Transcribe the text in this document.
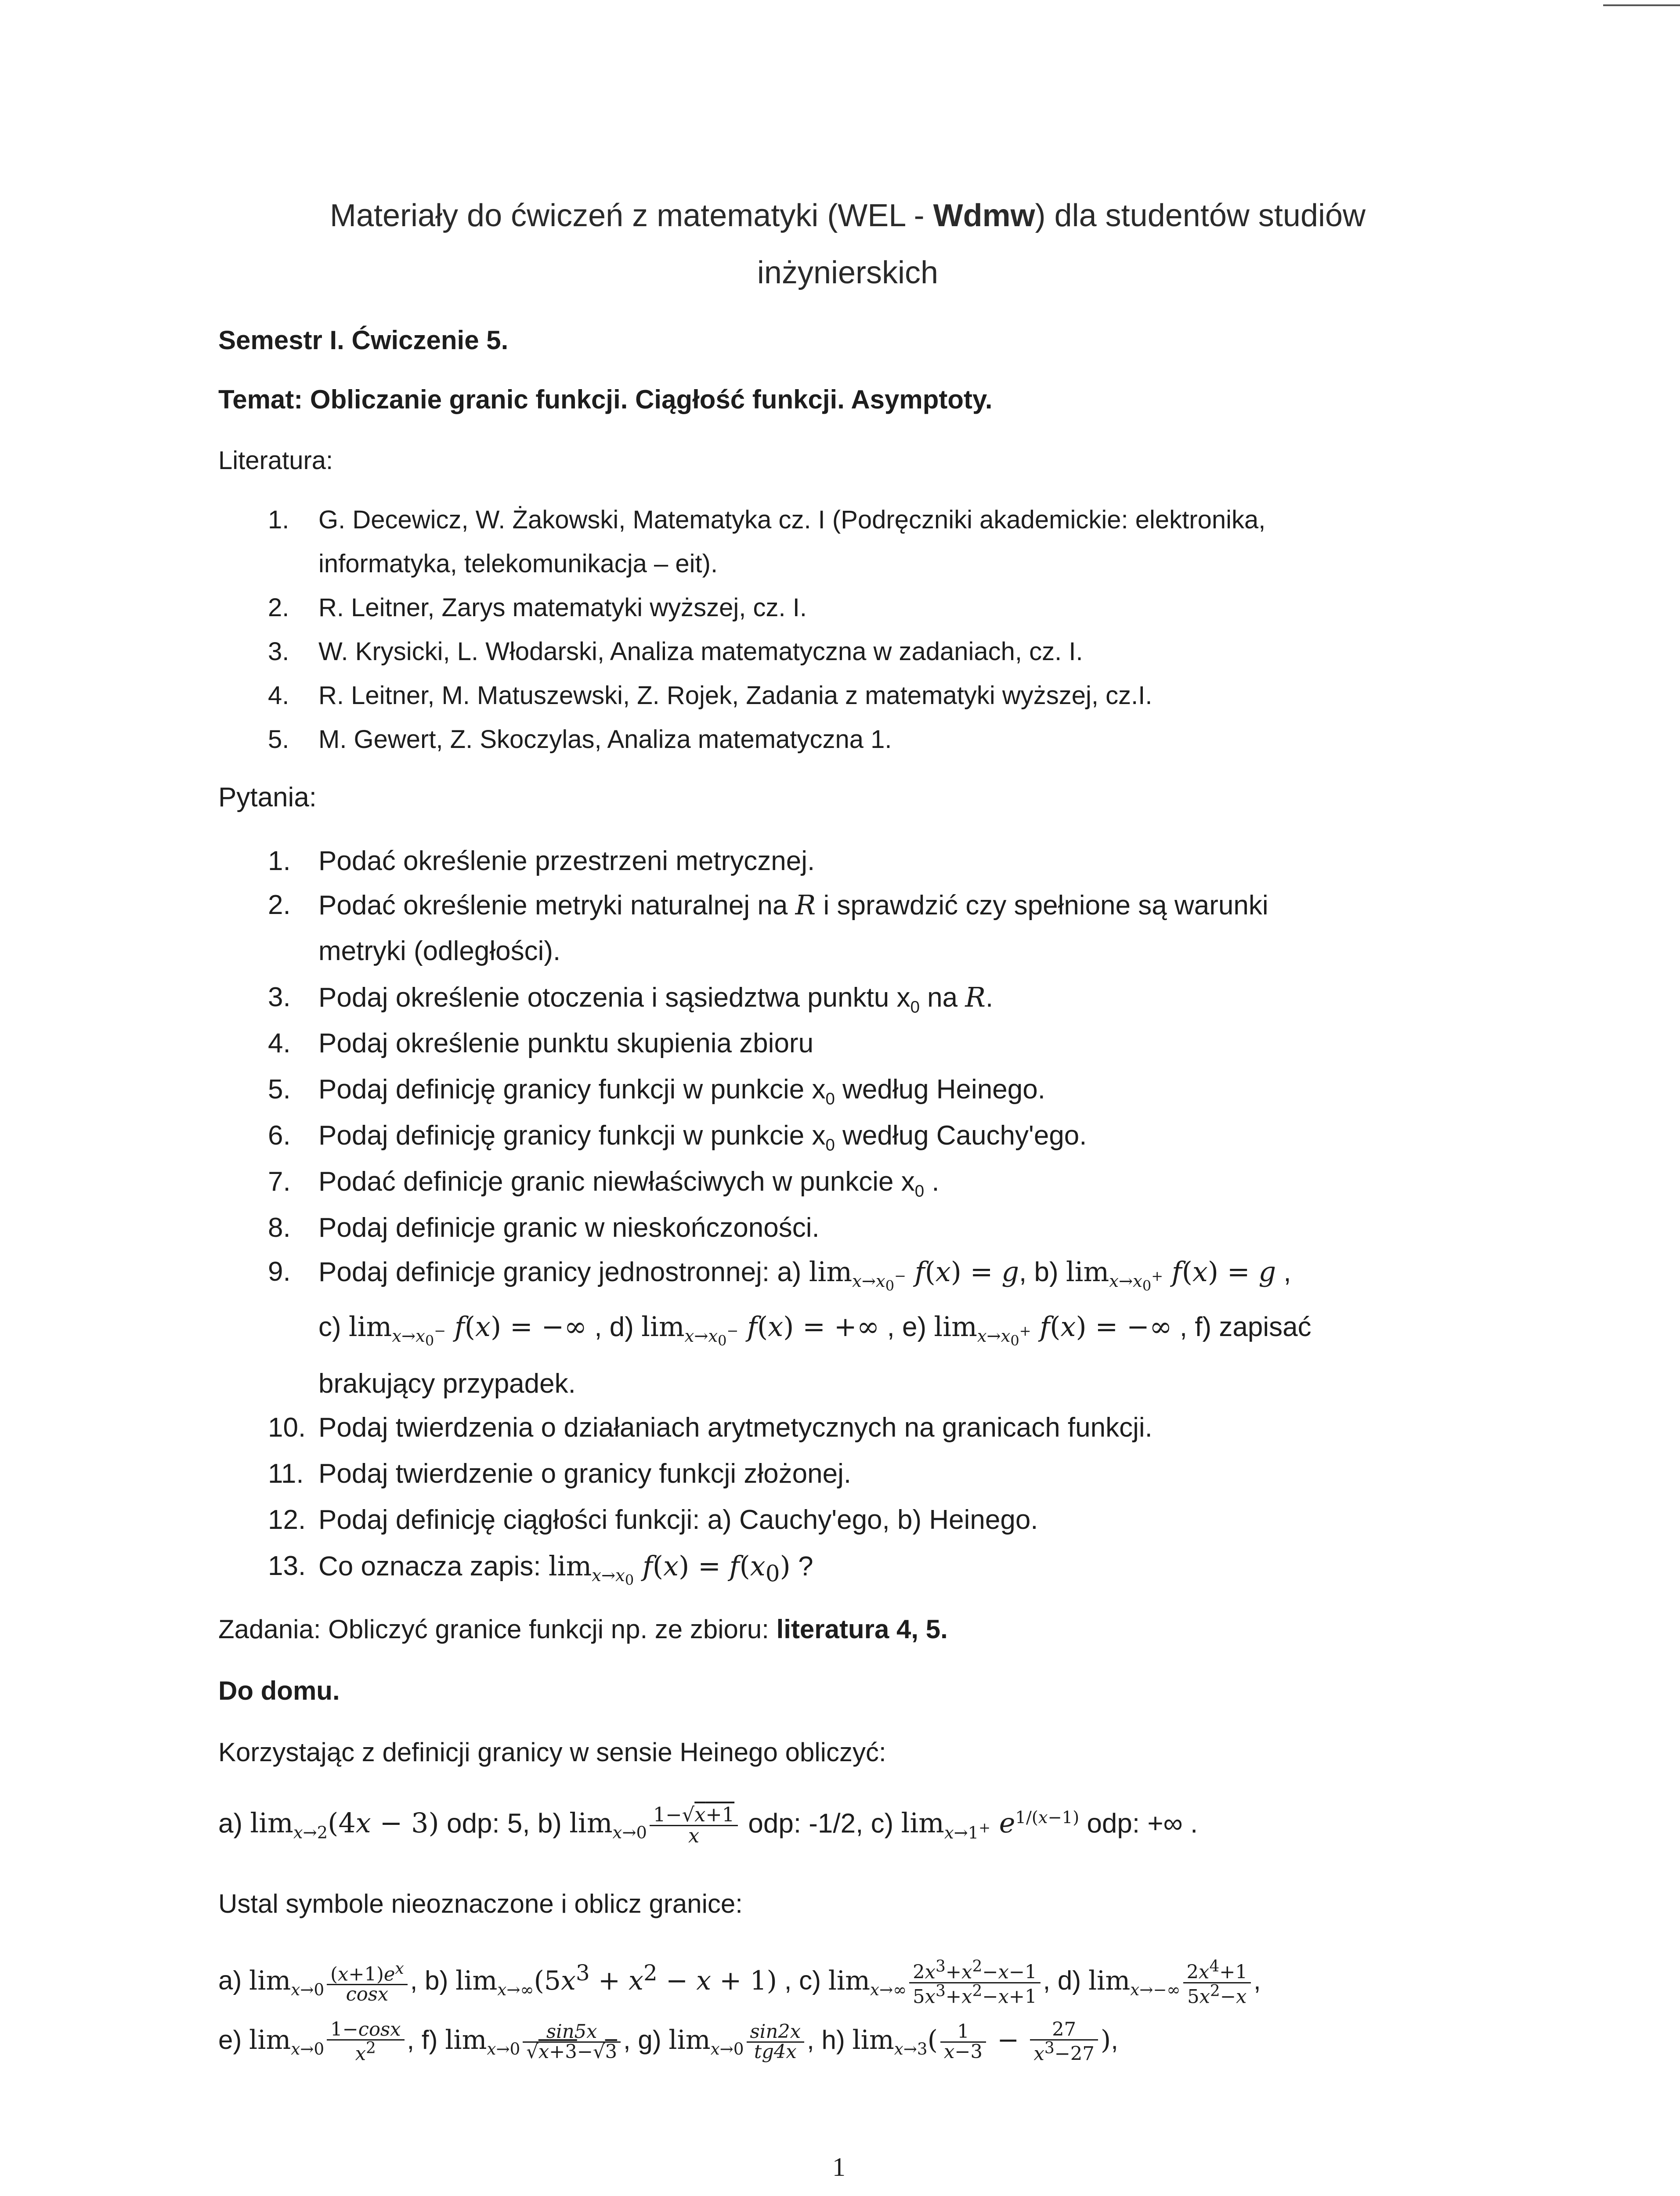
Materiały do ćwiczeń z matematyki (WEL - Wdmw) dla studentów studiów
inżynierskich
Semestr I. Ćwiczenie 5.
Temat: Obliczanie granic funkcji. Ciągłość funkcji. Asymptoty.
Literatura:
1.	G. Decewicz, W. Żakowski, Matematyka cz. I (Podręczniki akademickie: elektronika,
informatyka, telekomunikacja – eit).
2.	R. Leitner, Zarys matematyki wyższej, cz. I.
3.	W. Krysicki, L. Włodarski, Analiza matematyczna w zadaniach, cz. I.
4.	R. Leitner, M. Matuszewski, Z. Rojek, Zadania z matematyki wyższej, cz.I.
5.	M. Gewert, Z. Skoczylas, Analiza matematyczna 1.
Pytania:
1.	Podać określenie przestrzeni metrycznej.
2.	Podać określenie metryki naturalnej na R i sprawdzić czy spełnione są warunki
metryki (odległości).
3.	Podaj określenie otoczenia i sąsiedztwa punktu $x_0$ na R.
4.	Podaj określenie punktu skupienia zbioru
5.	Podaj definicję granicy funkcji w punkcie $x_0$ według Heinego.
6.	Podaj definicję granicy funkcji w punkcie $x_0$ według Cauchy'ego.
7.	Podać definicje granic niewłaściwych w punkcie $x_0$ .
8.	Podaj definicje granic w nieskończoności.
9.	Podaj definicje granicy jednostronnej: a) $\lim_{x\to x_0^-} f(x) = g$, b) $\lim_{x\to x_0^+} f(x) = g$ ,
c) $\lim_{x\to x_0^-} f(x)$ = −∞ , d) $\lim_{x\to x_0^-} f(x)$ = +∞ , e) $\lim_{x\to x_0^+} f(x)$ = −∞ , f) zapisać
brakujący przypadek.
10. Podaj twierdzenia o działaniach arytmetycznych na granicach funkcji.
11. Podaj twierdzenie o granicy funkcji złożonej.
12. Podaj definicję ciągłości funkcji: a) Cauchy'ego, b) Heinego.
13. Co oznacza zapis: $\lim_{x\to x_0} f(x) = f(x_0)$ ?
Zadania: Obliczyć granice funkcji np. ze zbioru: literatura 4, 5.
Do domu.
Korzystając z definicji granicy w sensie Heinego obliczyć:
a) $\lim_{x\to 2}(4x - 3)$ odp: 5, b) $\lim_{x\to 0} \frac{1-√x+1}{x}$ odp: -1/2, c) $\lim_{x\to 1^+} e^{1/(x-1)}$ odp: +∞ .
Ustal symbole nieoznaczone i oblicz granice:
a) $\lim_{x\to 0} \frac{(x+1)e^x}{\cos x}$ , b) $\lim_{x\to\infty}(5x^3 + x^2 - x + 1)$ , c) $\lim_{x\to\infty} \frac{2x^3+x^2-x-1}{5x^3+x^2-x+1}$ , d) $\lim_{x\to-\infty} \frac{2x^4+1}{5x^2-x}$ ,
e) $\lim_{x\to 0} \frac{1-\cos x}{x^2}$ , f) $\lim_{x\to 0} \frac{\sin 5x}{√x+3-√3}$ , g) $\lim_{x\to 0} \frac{\sin 2x}{tg4x}$ , h) $\lim_{x\to 3}( \frac{1}{x-3} - \frac{27}{x^3-27}$ ),
1
